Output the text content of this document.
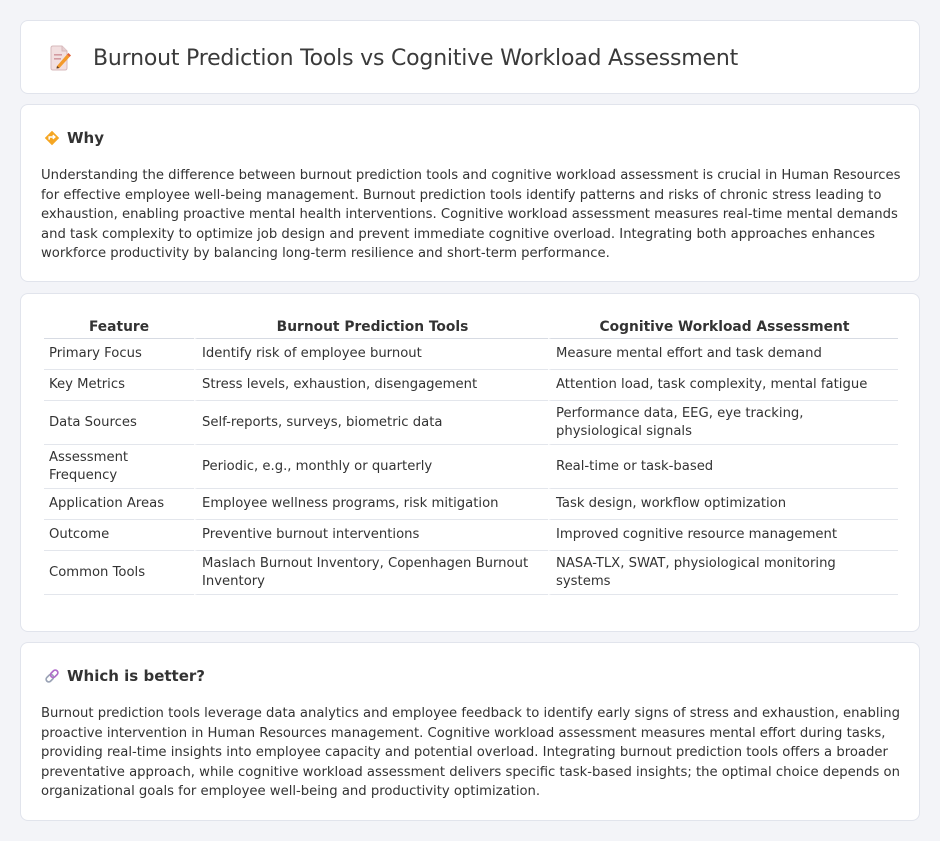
Burnout Prediction Tools vs Cognitive Workload Assessment
Why

Understanding the difference between burnout prediction tools and cognitive workload assessment is crucial in Human Resources for effective employee well-being management. Burnout prediction tools identify patterns and risks of chronic stress leading to exhaustion, enabling proactive mental health interventions. Cognitive workload assessment measures real-time mental demands and task complexity to optimize job design and prevent immediate cognitive overload. Integrating both approaches enhances workforce productivity by balancing long-term resilience and short-term performance.

Feature	Burnout Prediction Tools	Cognitive Workload Assessment
Primary Focus	Identify risk of employee burnout	Measure mental effort and task demand
Key Metrics	Stress levels, exhaustion, disengagement	Attention load, task complexity, mental fatigue
Data Sources	Self-reports, surveys, biometric data	Performance data, EEG, eye tracking, physiological signals
Assessment Frequency	Periodic, e.g., monthly or quarterly	Real-time or task-based
Application Areas	Employee wellness programs, risk mitigation	Task design, workflow optimization
Outcome	Preventive burnout interventions	Improved cognitive resource management
Common Tools	Maslach Burnout Inventory, Copenhagen Burnout Inventory	NASA-TLX, SWAT, physiological monitoring systems
Which is better?

Burnout prediction tools leverage data analytics and employee feedback to identify early signs of stress and exhaustion, enabling proactive intervention in Human Resources management. Cognitive workload assessment measures mental effort during tasks, providing real-time insights into employee capacity and potential overload. Integrating burnout prediction tools offers a broader preventative approach, while cognitive workload assessment delivers specific task-based insights; the optimal choice depends on organizational goals for employee well-being and productivity optimization.
